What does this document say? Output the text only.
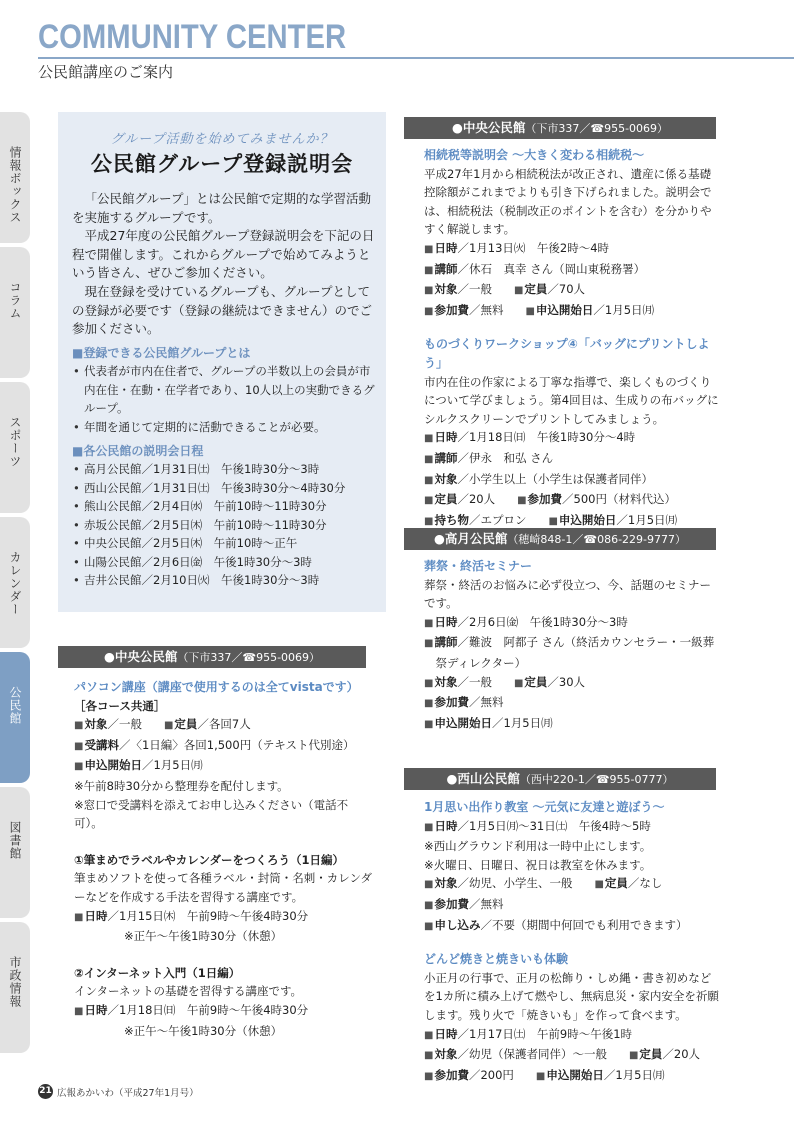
COMMUNITY CENTER
公民館講座のご案内
情報ボックス
コラム
スポーツ
カレンダー
公民館
図書館
市政情報
グループ活動を始めてみませんか？
公民館グループ登録説明会

「公民館グループ」とは公民館で定期的な学習活動を実施するグループです。

平成27年度の公民館グループ登録説明会を下記の日程で開催します。これからグループで始めてみようという皆さん、ぜひご参加ください。

現在登録を受けているグループも、グループとしての登録が必要です（登録の継続はできません）のでご参加ください。

■登録できる公民館グループとは
• 代表者が市内在住者で、グループの半数以上の会員が市内在住・在動・在学者であり、10人以上の実動できるグループ。
• 年間を通じて定期的に活動できることが必要。
■各公民館の説明会日程
• 高月公民館／1月31日㈯　午後1時30分～3時
• 西山公民館／1月31日㈯　午後3時30分～4時30分
• 熊山公民館／2月4日㈬　午前10時～11時30分
• 赤坂公民館／2月5日㈭　午前10時～11時30分
• 中央公民館／2月5日㈭　午前10時～正午
• 山陽公民館／2月6日㈮　午後1時30分～3時
• 吉井公民館／2月10日㈫　午後1時30分～3時
●中央公民館（下市337／☎955-0069）
パソコン講座（講座で使用するのは全てvistaです）
［各コース共通］
■対象／一般 ■定員／各回7人
■受講料／〈1日編〉各回1,500円（テキスト代別途）
■申込開始日／1月5日㈪
※午前8時30分から整理券を配付します。
※窓口で受講料を添えてお申し込みください（電話不可）。
①筆まめでラベルやカレンダーをつくろう（1日編）
筆まめソフトを使って各種ラベル・封筒・名刺・カレンダーなどを作成する手法を習得する講座です。
■日時／1月15日㈭　午前9時～午後4時30分
※正午～午後1時30分（休憩）
②インターネット入門（1日編）
インターネットの基礎を習得する講座です。
■日時／1月18日㈰　午前9時～午後4時30分
※正午～午後1時30分（休憩）
●中央公民館（下市337／☎955-0069）
相続税等説明会 ～大きく変わる相続税～
平成27年1月から相続税法が改正され、遺産に係る基礎控除額がこれまでよりも引き下げられました。説明会では、相続税法（税制改正のポイントを含む）を分かりやすく解説します。
■日時／1月13日㈫　午後2時～4時
■講師／休石　真幸 さん（岡山東税務署）
■対象／一般 ■定員／70人
■参加費／無料 ■申込開始日／1月5日㈪
ものづくりワークショップ④「バッグにプリントしよう」
市内在住の作家による丁寧な指導で、楽しくものづくりについて学びましょう。第4回目は、生成りの布バッグにシルクスクリーンでプリントしてみましょう。
■日時／1月18日㈰　午後1時30分～4時
■講師／伊永　和弘 さん
■対象／小学生以上（小学生は保護者同伴）
■定員／20人 ■参加費／500円（材料代込）
■持ち物／エプロン ■申込開始日／1月5日㈪
●高月公民館（穂崎848-1／☎086-229-9777）
葬祭・終活セミナー
葬祭・終活のお悩みに必ず役立つ、今、話題のセミナーです。
■日時／2月6日㈮　午後1時30分～3時
■講師／難波　阿都子 さん（終活カウンセラー・一級葬祭ディレクター）
■対象／一般 ■定員／30人
■参加費／無料
■申込開始日／1月5日㈪
●西山公民館（西中220-1／☎955-0777）
1月思い出作り教室 ～元気に友達と遊ぼう～
■日時／1月5日㈪～31日㈯　午後4時～5時
※西山グラウンド利用は一時中止にします。
※火曜日、日曜日、祝日は教室を休みます。
■対象／幼児、小学生、一般 ■定員／なし
■参加費／無料
■申し込み／不要（期間中何回でも利用できます）
どんど焼きと焼きいも体験
小正月の行事で、正月の松飾り・しめ縄・書き初めなどを1カ所に積み上げて燃やし、無病息災・家内安全を祈願します。残り火で「焼きいも」を作って食べます。
■日時／1月17日㈯　午前9時～午後1時
■対象／幼児（保護者同伴）～一般 ■定員／20人
■参加費／200円 ■申込開始日／1月5日㈪
21 広報あかいわ（平成27年1月号）
